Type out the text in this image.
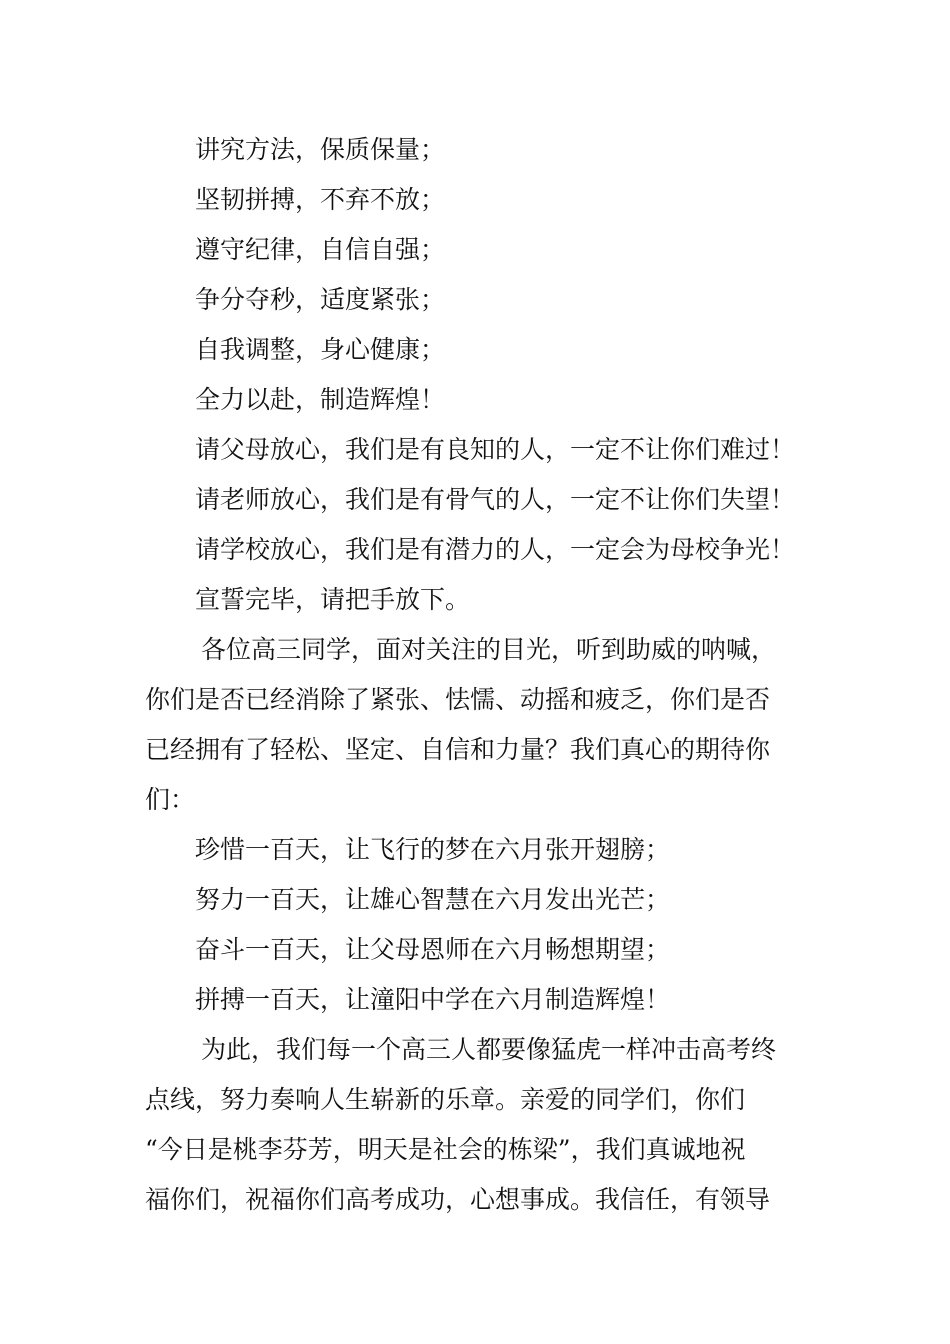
讲究方法，保质保量；
坚韧拼搏，不弃不放；
遵守纪律，自信自强；
争分夺秒，适度紧张；
自我调整，身心健康；
全力以赴，制造辉煌！
请父母放心，我们是有良知的人，一定不让你们难过！
请老师放心，我们是有骨气的人，一定不让你们失望！
请学校放心，我们是有潜力的人，一定会为母校争光！
宣誓完毕，请把手放下。
各位高三同学，面对关注的目光，听到助威的呐喊，
你们是否已经消除了紧张、怯懦、动摇和疲乏，你们是否
已经拥有了轻松、坚定、自信和力量？我们真心的期待你
们：
珍惜一百天，让飞行的梦在六月张开翅膀；
努力一百天，让雄心智慧在六月发出光芒；
奋斗一百天，让父母恩师在六月畅想期望；
拼搏一百天，让潼阳中学在六月制造辉煌！
为此，我们每一个高三人都要像猛虎一样冲击高考终
点线，努力奏响人生崭新的乐章。亲爱的同学们，你们
“今日是桃李芬芳，明天是社会的栋梁”，我们真诚地祝
福你们，祝福你们高考成功，心想事成。我信任，有领导
